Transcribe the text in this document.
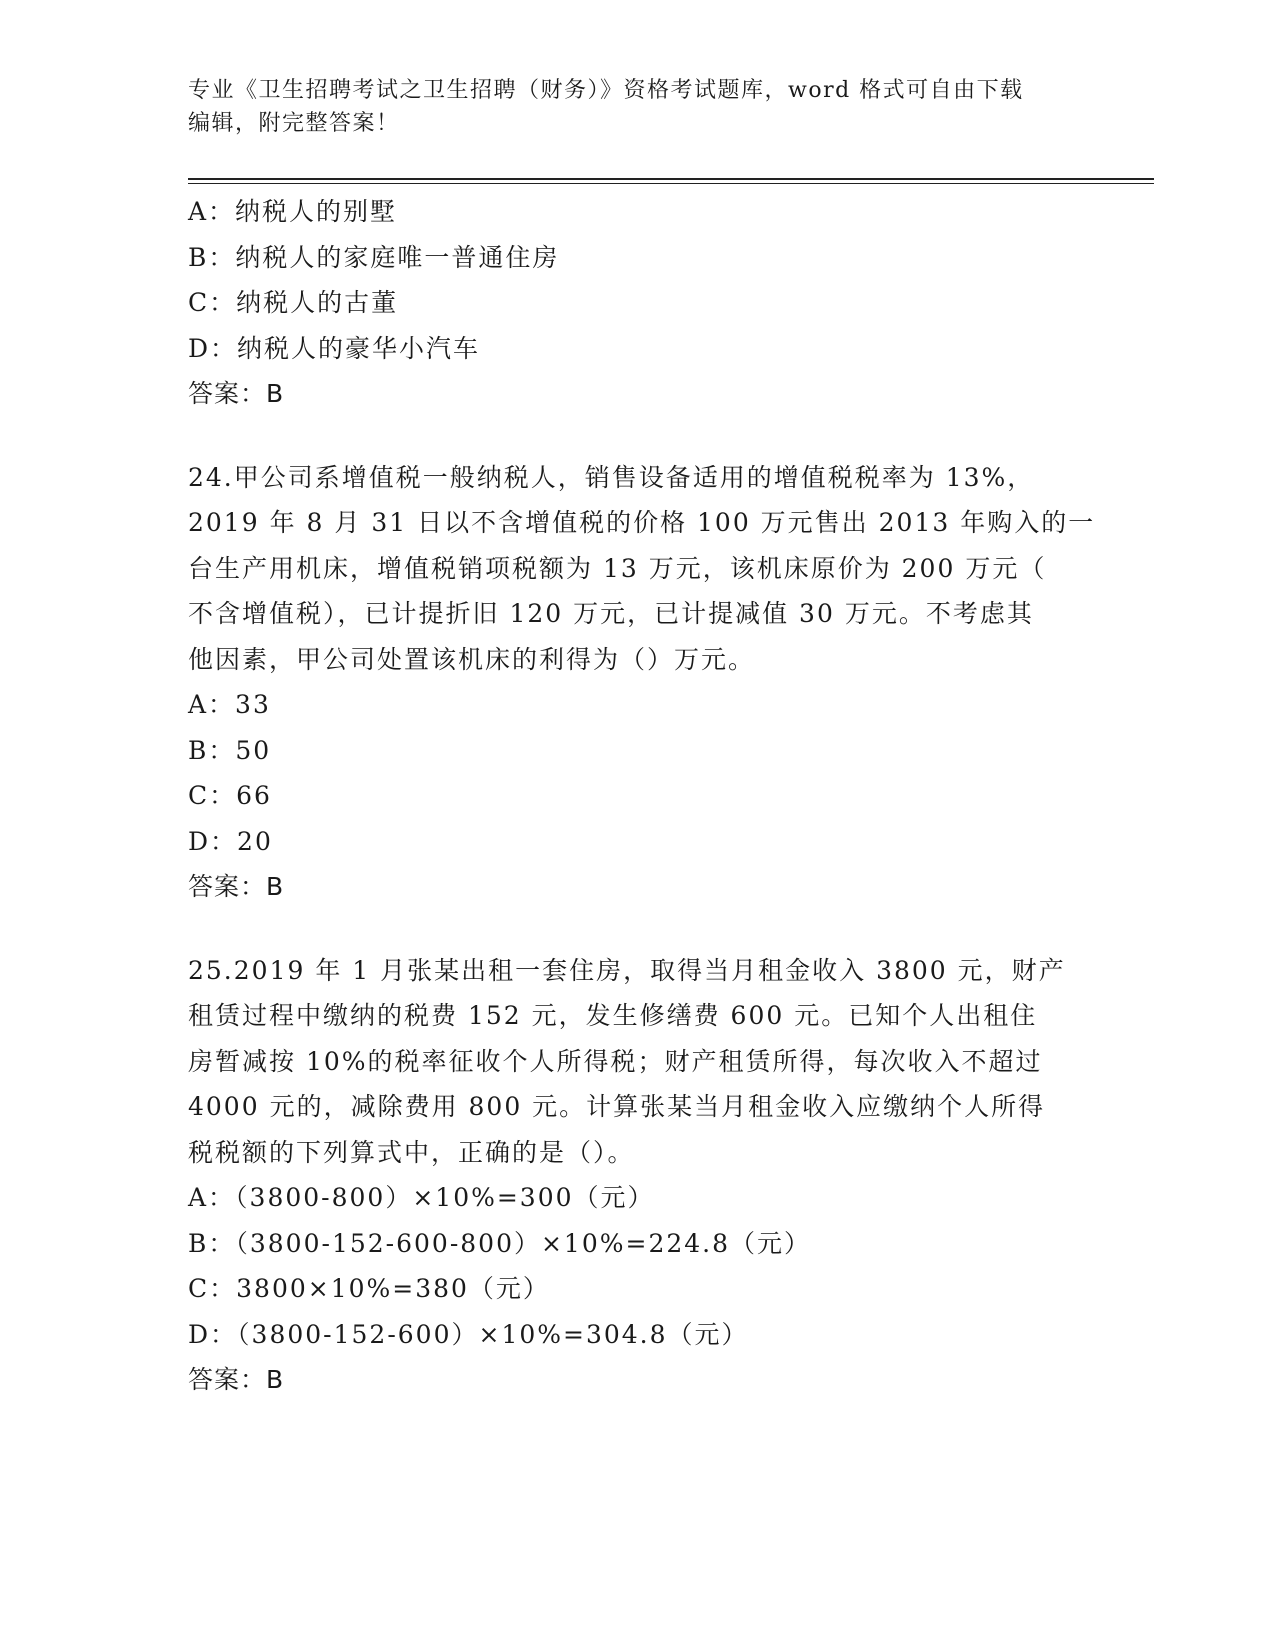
专业《卫生招聘考试之卫生招聘（财务）》资格考试题库，word 格式可自由下载
编辑，附完整答案！
A：纳税人的别墅
B：纳税人的家庭唯一普通住房
C：纳税人的古董
D：纳税人的豪华小汽车
答案：B
24.甲公司系增值税一般纳税人，销售设备适用的增值税税率为 13%，
2019 年 8 月 31 日以不含增值税的价格 100 万元售出 2013 年购入的一
台生产用机床，增值税销项税额为 13 万元，该机床原价为 200 万元（
不含增值税），已计提折旧 120 万元，已计提减值 30 万元。不考虑其
他因素，甲公司处置该机床的利得为（）万元。
A：33
B：50
C：66
D：20
答案：B
25.2019 年 1 月张某出租一套住房，取得当月租金收入 3800 元，财产
租赁过程中缴纳的税费 152 元，发生修缮费 600 元。已知个人出租住
房暂减按 10%的税率征收个人所得税；财产租赁所得，每次收入不超过
4000 元的，减除费用 800 元。计算张某当月租金收入应缴纳个人所得
税税额的下列算式中，正确的是（）。
A：（3800-800）×10%=300（元）
B：（3800-152-600-800）×10%=224.8（元）
C：3800×10%=380（元）
D：（3800-152-600）×10%=304.8（元）
答案：B
